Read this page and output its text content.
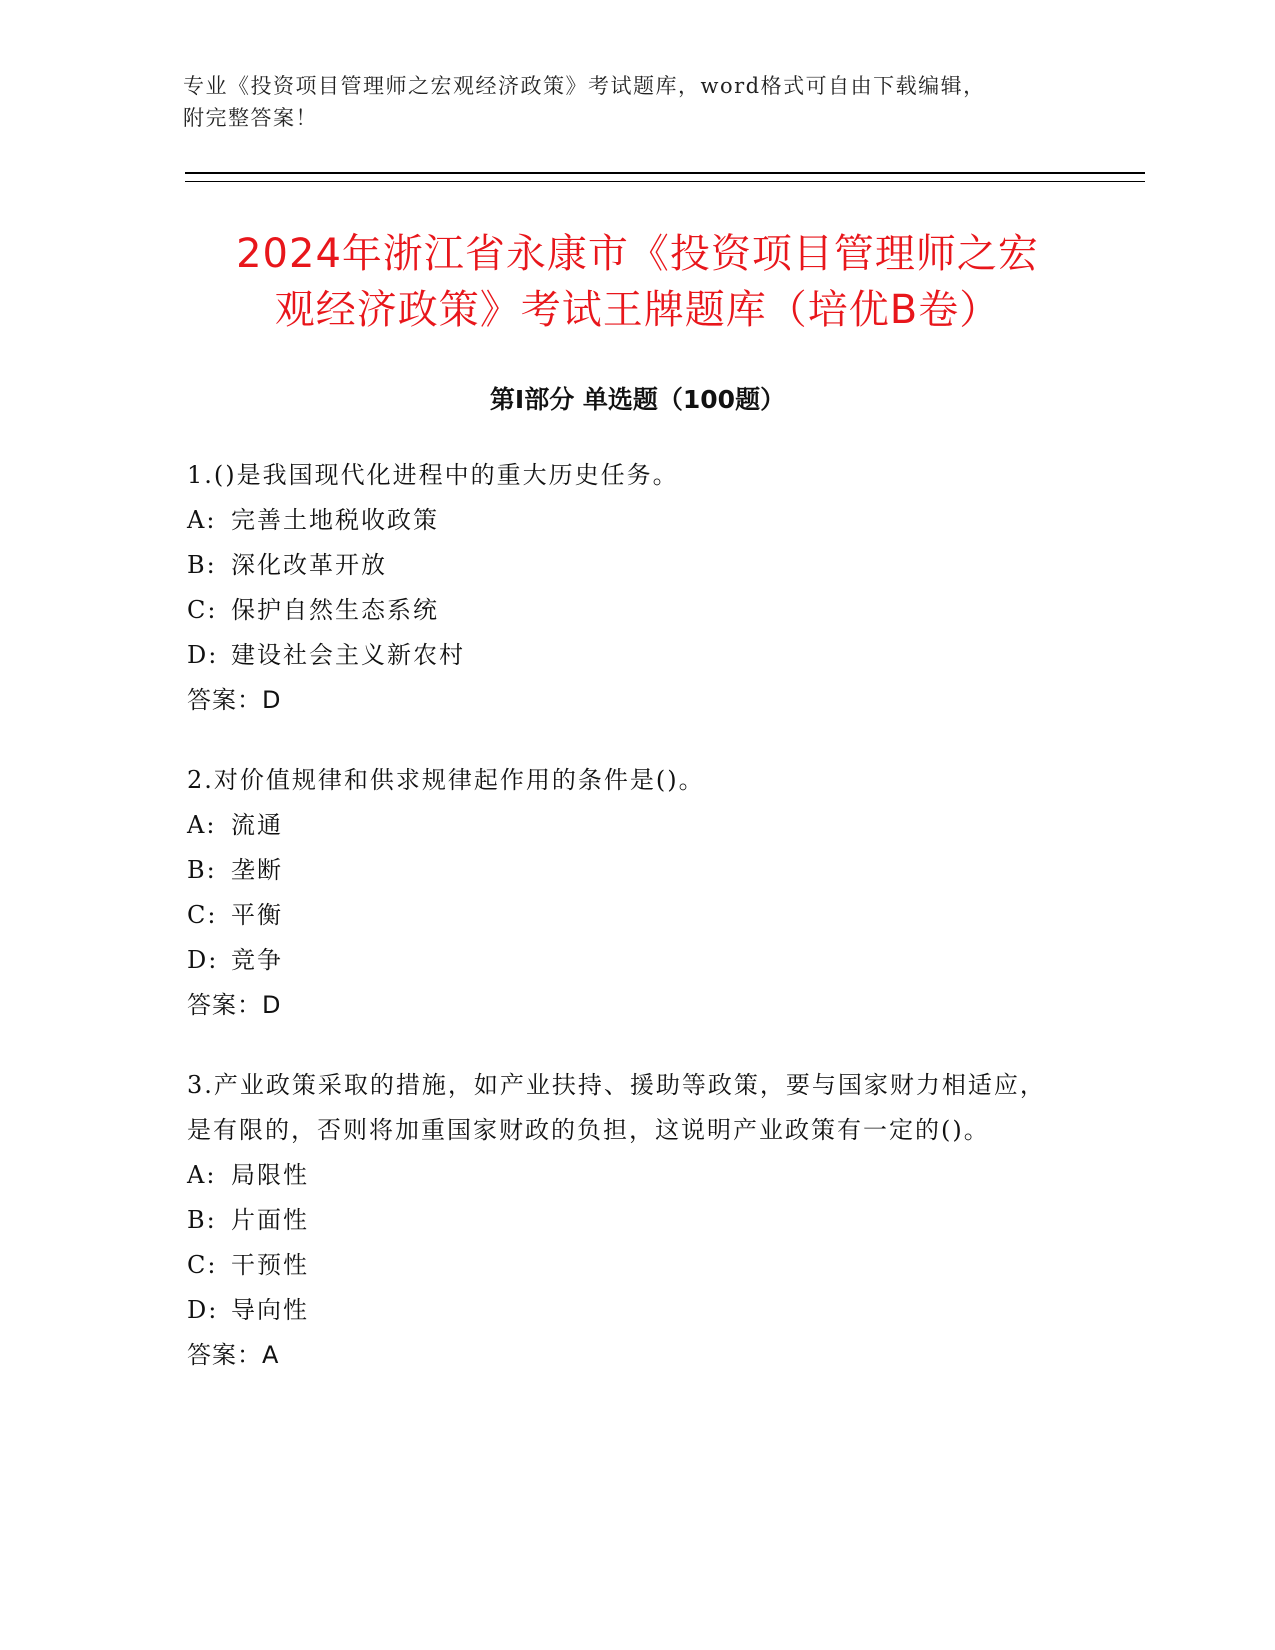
专业《投资项目管理师之宏观经济政策》考试题库，word格式可自由下载编辑，

附完整答案！

2024年浙江省永康市《投资项目管理师之宏
观经济政策》考试王牌题库（培优B卷）
第Ⅰ部分 单选题（100题）

1.()是我国现代化进程中的重大历史任务。

A: 完善土地税收政策

B: 深化改革开放

C: 保护自然生态系统

D: 建设社会主义新农村

答案：D

2.对价值规律和供求规律起作用的条件是()。

A: 流通

B: 垄断

C: 平衡

D: 竞争

答案：D

3.产业政策采取的措施，如产业扶持、援助等政策，要与国家财力相适应，是有限的，否则将加重国家财政的负担，这说明产业政策有一定的()。

A: 局限性

B: 片面性

C: 干预性

D: 导向性

答案：A
